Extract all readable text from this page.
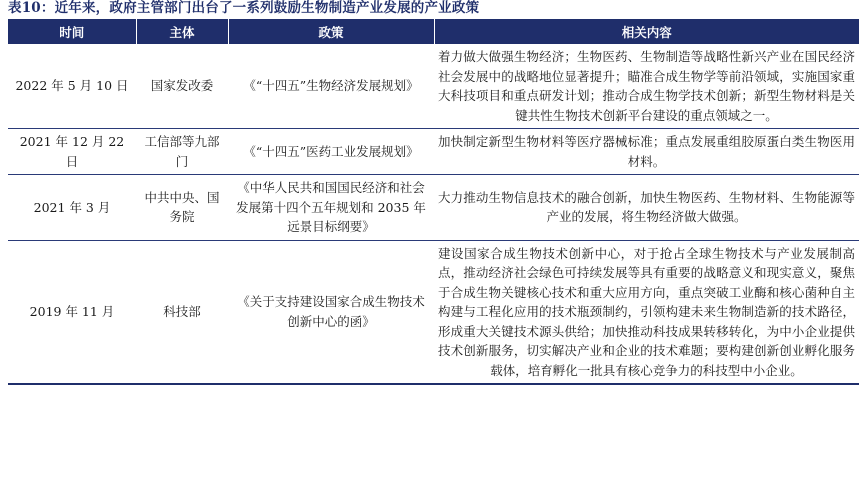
表10：近年来，政府主管部门出台了一系列鼓励生物制造产业发展的产业政策
时间	主体	政策	相关内容
2022 年 5 月 10 日	国家发改委	《“十四五”生物经济发展规划》	着力做大做强生物经济；生物医药、生物制造等战略性新兴产业在国民经济社会发展中的战略地位显著提升；瞄准合成生物学等前沿领域，实施国家重大科技项目和重点研发计划；推动合成生物学技术创新；新型生物材料是关键共性生物技术创新平台建设的重点领域之一。
2021 年 12 月 22 日	工信部等九部门	《“十四五”医药工业发展规划》	加快制定新型生物材料等医疗器械标准；重点发展重组胶原蛋白类生物医用材料。
2021 年 3 月	中共中央、国务院	《中华人民共和国国民经济和社会发展第十四个五年规划和 2035 年远景目标纲要》	大力推动生物信息技术的融合创新，加快生物医药、生物材料、生物能源等产业的发展，将生物经济做大做强。
2019 年 11 月	科技部	《关于支持建设国家合成生物技术创新中心的函》	建设国家合成生物技术创新中心，对于抢占全球生物技术与产业发展制高点，推动经济社会绿色可持续发展等具有重要的战略意义和现实意义，聚焦于合成生物关键核心技术和重大应用方向，重点突破工业酶和核心菌种自主构建与工程化应用的技术瓶颈制约，引领构建未来生物制造新的技术路径，形成重大关键技术源头供给；加快推动科技成果转移转化，为中小企业提供技术创新服务，切实解决产业和企业的技术难题；要构建创新创业孵化服务载体，培育孵化一批具有核心竞争力的科技型中小企业。
